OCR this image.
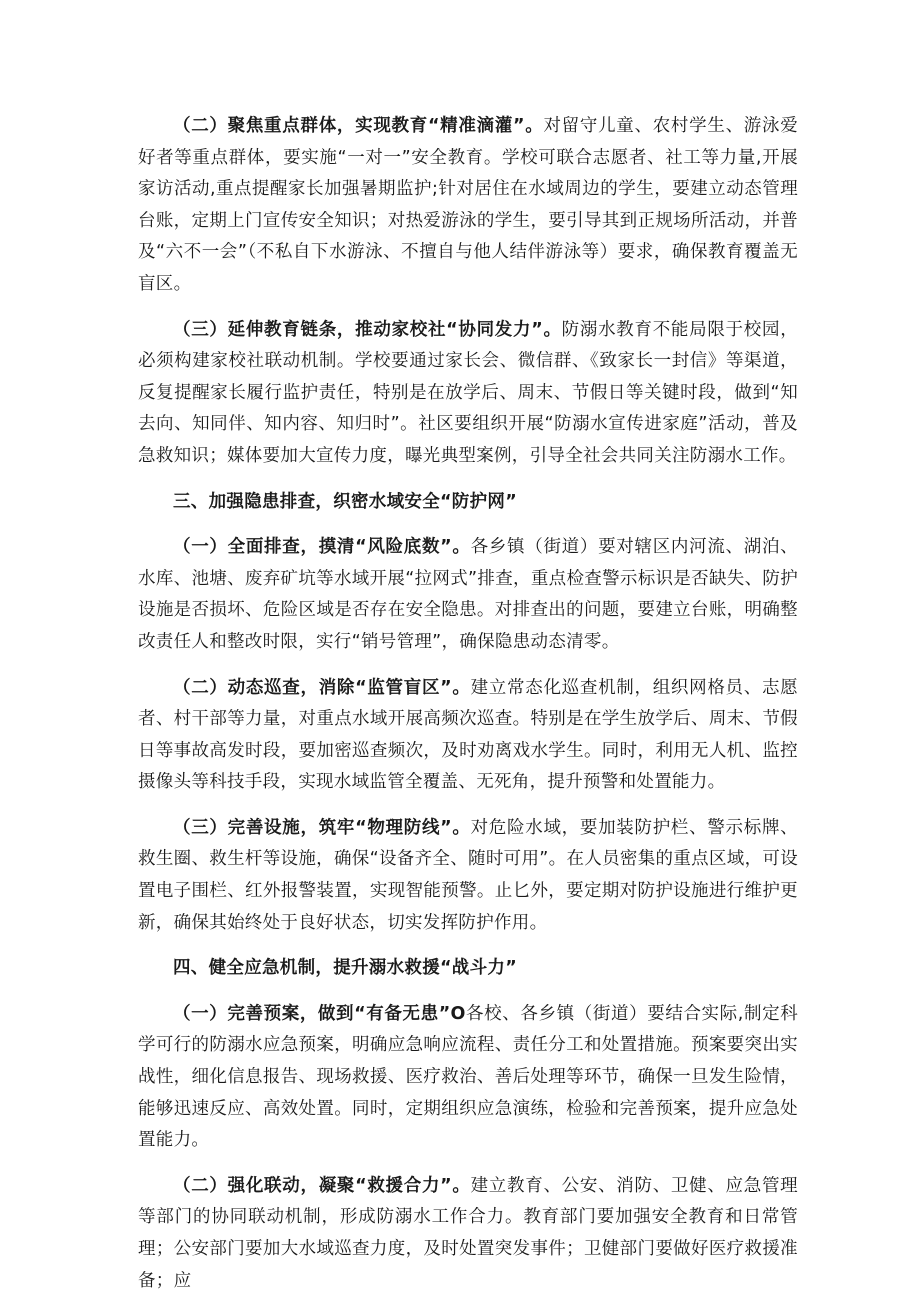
（二）聚焦重点群体，实现教育“精准滴灌”。对留守儿童、农村学生、游泳爱好者等重点群体，要实施“一对一”安全教育。学校可联合志愿者、社工等力量,开展家访活动,重点提醒家长加强暑期监护;针对居住在水域周边的学生，要建立动态管理台账，定期上门宣传安全知识；对热爱游泳的学生，要引导其到正规场所活动，并普及“六不一会”（不私自下水游泳、不擅自与他人结伴游泳等）要求，确保教育覆盖无盲区。

（三）延伸教育链条，推动家校社“协同发力”。防溺水教育不能局限于校园，必须构建家校社联动机制。学校要通过家长会、微信群、《致家长一封信》等渠道，反复提醒家长履行监护责任，特别是在放学后、周末、节假日等关键时段，做到“知去向、知同伴、知内容、知归时”。社区要组织开展“防溺水宣传进家庭”活动，普及急救知识；媒体要加大宣传力度，曝光典型案例，引导全社会共同关注防溺水工作。

三、加强隐患排查，织密水域安全“防护网”

（一）全面排查，摸清“风险底数”。各乡镇（街道）要对辖区内河流、湖泊、水库、池塘、废弃矿坑等水域开展“拉网式”排查，重点检查警示标识是否缺失、防护设施是否损坏、危险区域是否存在安全隐患。对排查出的问题，要建立台账，明确整改责任人和整改时限，实行“销号管理”，确保隐患动态清零。

（二）动态巡查，消除“监管盲区”。建立常态化巡查机制，组织网格员、志愿者、村干部等力量，对重点水域开展高频次巡查。特别是在学生放学后、周末、节假日等事故高发时段，要加密巡查频次，及时劝离戏水学生。同时，利用无人机、监控摄像头等科技手段，实现水域监管全覆盖、无死角，提升预警和处置能力。

（三）完善设施，筑牢“物理防线”。对危险水域，要加装防护栏、警示标牌、救生圈、救生杆等设施，确保“设备齐全、随时可用”。在人员密集的重点区域，可设置电子围栏、红外报警装置，实现智能预警。止匕外，要定期对防护设施进行维护更新，确保其始终处于良好状态，切实发挥防护作用。

四、健全应急机制，提升溺水救援“战斗力”

（一）完善预案，做到“有备无患”O各校、各乡镇（街道）要结合实际,制定科学可行的防溺水应急预案，明确应急响应流程、责任分工和处置措施。预案要突出实战性，细化信息报告、现场救援、医疗救治、善后处理等环节，确保一旦发生险情，能够迅速反应、高效处置。同时，定期组织应急演练，检验和完善预案，提升应急处置能力。

（二）强化联动，凝聚“救援合力”。建立教育、公安、消防、卫健、应急管理等部门的协同联动机制，形成防溺水工作合力。教育部门要加强安全教育和日常管理；公安部门要加大水域巡查力度，及时处置突发事件；卫健部门要做好医疗救援准备；应
